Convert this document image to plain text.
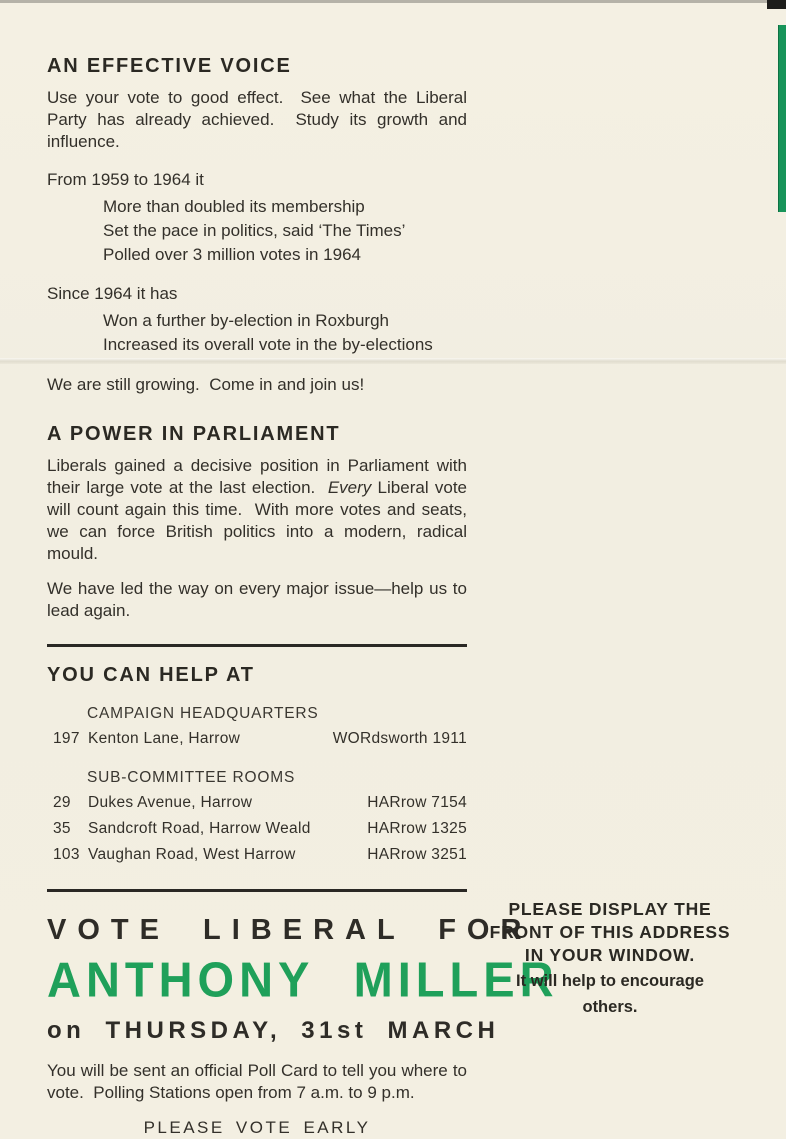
AN EFFECTIVE VOICE

Use your vote to good effect.  See what the Liberal Party has already achieved.  Study its growth and influence.

From 1959 to 1964 it

More than doubled its membership

Set the pace in politics, said ‘The Times’

Polled over 3 million votes in 1964

Since 1964 it has

Won a further by-election in Roxburgh

Increased its overall vote in the by-elections

We are still growing.  Come in and join us!

A POWER IN PARLIAMENT

Liberals gained a decisive position in Parliament with their large vote at the last election.  Every Liberal vote will count again this time.  With more votes and seats, we can force British politics into a modern, radical mould.

We have led the way on every major issue—help us to lead again.

YOU CAN HELP AT

CAMPAIGN HEADQUARTERS

197 Kenton Lane, Harrow	WORdsworth 1911

SUB-COMMITTEE ROOMS

29	Dukes Avenue, Harrow	HARrow 7154
35	Sandcroft Road, Harrow Weald	HARrow 1325
103 Vaughan Road, West Harrow	HARrow 3251
VOTE LIBERAL FOR
ANTHONY MILLER
on THURSDAY, 31st MARCH

You will be sent an official Poll Card to tell you where to vote.  Polling Stations open from 7 a.m. to 9 p.m.

PLEASE VOTE EARLY

PLEASE DISPLAY THE
FRONT OF THIS ADDRESS
IN YOUR WINDOW.
It will help to encourage
others.
